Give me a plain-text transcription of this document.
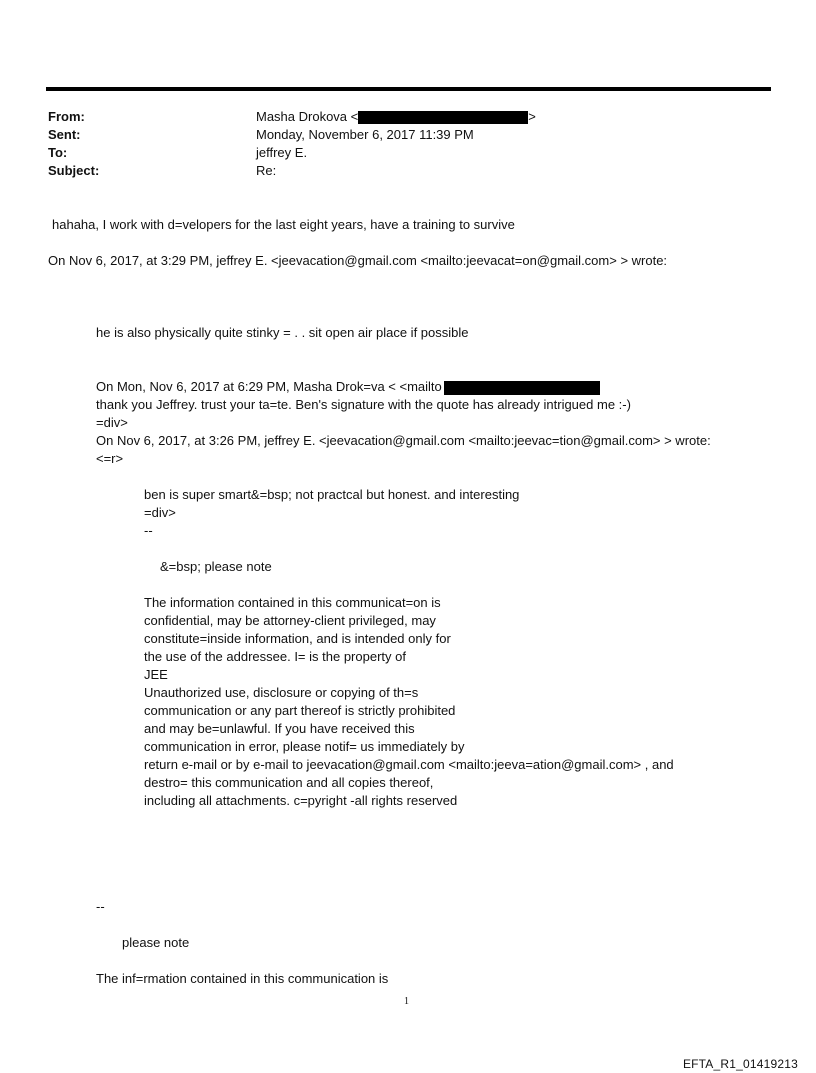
From:	Masha Drokova <	>
Sent:	Monday, November 6, 2017 11:39 PM
To:	jeffrey E.
Subject:	Re:
hahaha, I work with d=velopers for the last eight years, have a training to survive
On Nov 6, 2017, at 3:29 PM, jeffrey E. <jeevacation@gmail.com <mailto:jeevacat=on@gmail.com> > wrote:
he is also physically quite stinky = . . sit open air place if possible
On Mon, Nov 6, 2017 at 6:29 PM, Masha Drok=va < <mailto
thank you Jeffrey. trust your ta=te. Ben's signature with the quote has already intrigued me :-)
=div>
On Nov 6, 2017, at 3:26 PM, jeffrey E. <jeevacation@gmail.com <mailto:jeevac=tion@gmail.com> > wrote:
<=r>
ben is super smart&=bsp; not practcal but honest. and interesting
=div>
--
&=bsp; please note
The information contained in this communicat=on is
confidential, may be attorney-client privileged, may
constitute=inside information, and is intended only for
the use of the addressee. I= is the property of
JEE
Unauthorized use, disclosure or copying of th=s
communication or any part thereof is strictly prohibited
and may be=unlawful. If you have received this
communication in error, please notif= us immediately by
return e-mail or by e-mail to jeevacation@gmail.com <mailto:jeeva=ation@gmail.com> , and
destro= this communication and all copies thereof,
including all attachments. c=pyright -all rights reserved
--
please note
The inf=rmation contained in this communication is
1
EFTA_R1_01419213
